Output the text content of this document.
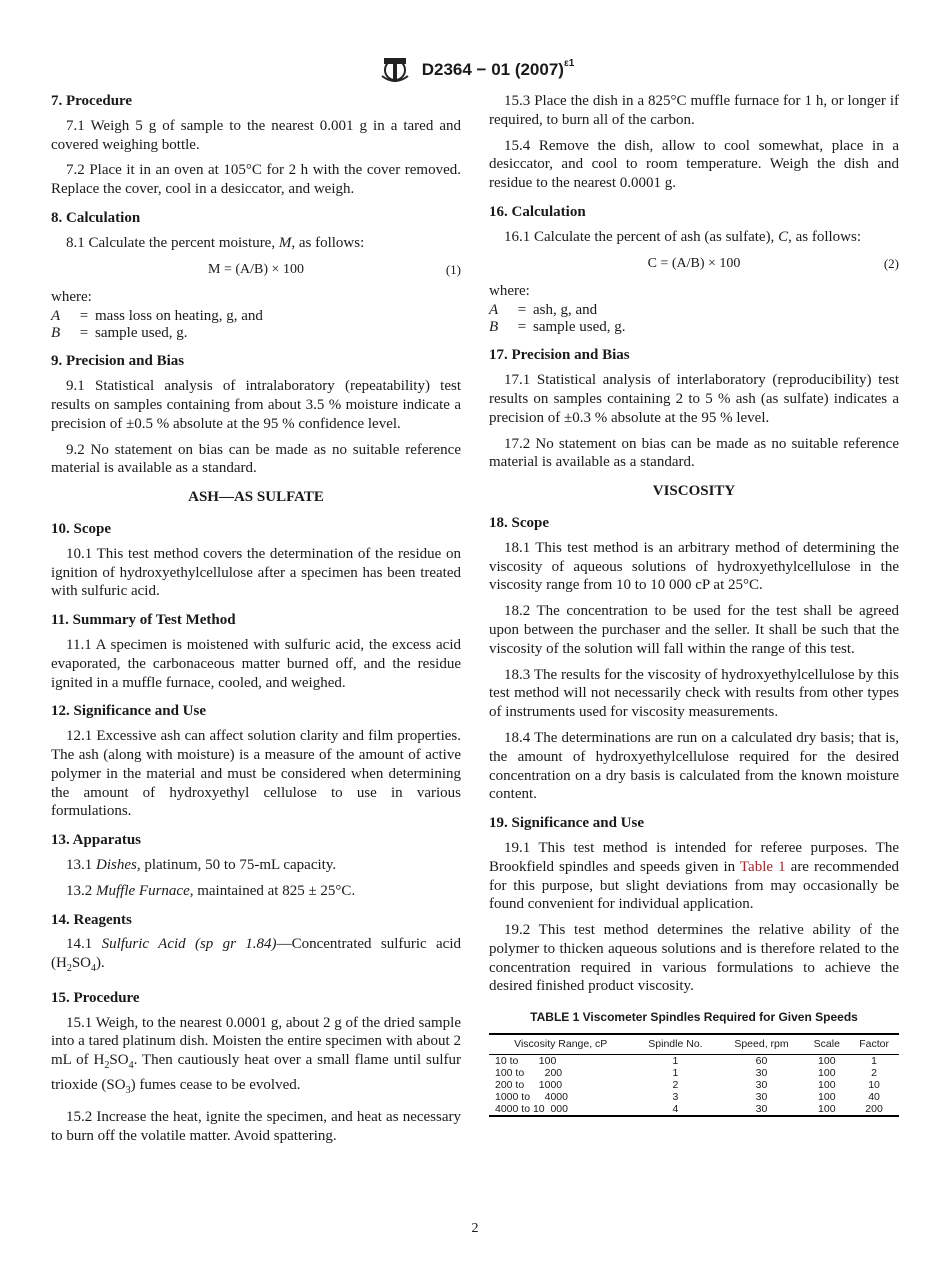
D2364 − 01 $(2007)^{\varepsilon 1}$
7. Procedure

7.1 Weigh 5 g of sample to the nearest 0.001 g in a tared and covered weighing bottle.

7.2 Place it in an oven at 105°C for 2 h with the cover removed. Replace the cover, cool in a desiccator, and weigh.

8. Calculation

8.1 Calculate the percent moisture, M, as follows:

M = (A/B) × 100	(1)
where:
A	= mass loss on heating, g, and
B	= sample used, g.
9. Precision and Bias

9.1 Statistical analysis of intralaboratory (repeatability) test results on samples containing from about 3.5 % moisture indicate a precision of ±0.5 % absolute at the 95 % confidence level.

9.2 No statement on bias can be made as no suitable reference material is available as a standard.

ASH—AS SULFATE
10. Scope

10.1 This test method covers the determination of the residue on ignition of hydroxyethylcellulose after a specimen has been treated with sulfuric acid.

11. Summary of Test Method

11.1 A specimen is moistened with sulfuric acid, the excess acid evaporated, the carbonaceous matter burned off, and the residue ignited in a muffle furnace, cooled, and weighed.

12. Significance and Use

12.1 Excessive ash can affect solution clarity and film properties. The ash (along with moisture) is a measure of the amount of active polymer in the material and must be considered when determining the amount of hydroxyethyl cellulose to use in various formulations.

13. Apparatus

13.1 Dishes, platinum, 50 to 75-mL capacity.

13.2 Muffle Furnace, maintained at 825 ± 25°C.

14. Reagents

14.1 Sulfuric Acid (sp gr 1.84)—Concentrated sulfuric acid $(H_2SO_4)$.

15. Procedure

15.1 Weigh, to the nearest 0.0001 g, about 2 g of the dried sample into a tared platinum dish. Moisten the entire specimen with about 2 mL of $H_2SO_4$. Then cautiously heat over a small flame until sulfur trioxide $(SO_3)$ fumes cease to be evolved.

15.2 Increase the heat, ignite the specimen, and heat as necessary to burn off the volatile matter. Avoid spattering.

15.3 Place the dish in a 825°C muffle furnace for 1 h, or longer if required, to burn all of the carbon.

15.4 Remove the dish, allow to cool somewhat, place in a desiccator, and cool to room temperature. Weigh the dish and residue to the nearest 0.0001 g.

16. Calculation

16.1 Calculate the percent of ash (as sulfate), C, as follows:

C = (A/B) × 100	(2)
where:
A	= ash, g, and
B	= sample used, g.
17. Precision and Bias

17.1 Statistical analysis of interlaboratory (reproducibility) test results on samples containing 2 to 5 % ash (as sulfate) indicates a precision of ±0.3 % absolute at the 95 % level.

17.2 No statement on bias can be made as no suitable reference material is available as a standard.

VISCOSITY
18. Scope

18.1 This test method is an arbitrary method of determining the viscosity of aqueous solutions of hydroxyethylcellulose in the viscosity range from 10 to 10 000 cP at 25°C.

18.2 The concentration to be used for the test shall be agreed upon between the purchaser and the seller. It shall be such that the viscosity of the solution will fall within the range of this test.

18.3 The results for the viscosity of hydroxyethylcellulose by this test method will not necessarily check with results from other types of instruments used for viscosity measurements.

18.4 The determinations are run on a calculated dry basis; that is, the amount of hydroxyethylcellulose required for the desired concentration on a dry basis is calculated from the known moisture content.

19. Significance and Use

19.1 This test method is intended for referee purposes. The Brookfield spindles and speeds given in Table 1 are recommended for this purpose, but slight deviations from may occasionally be found convenient for individual application.

19.2 This test method determines the relative ability of the polymer to thicken aqueous solutions and is therefore related to the concentration required in various formulations to achieve the desired finished product viscosity.

TABLE 1 Viscometer Spindles Required for Given Speeds
Viscosity Range, cP	Spindle No.	Speed, rpm	Scale	Factor
10 to       100	1	60	100	1
100 to       200	1	30	100	2
200 to     1000	2	30	100	10
1000 to     4000	3	30	100	40
4000 to 10  000	4	30	100	200
2
